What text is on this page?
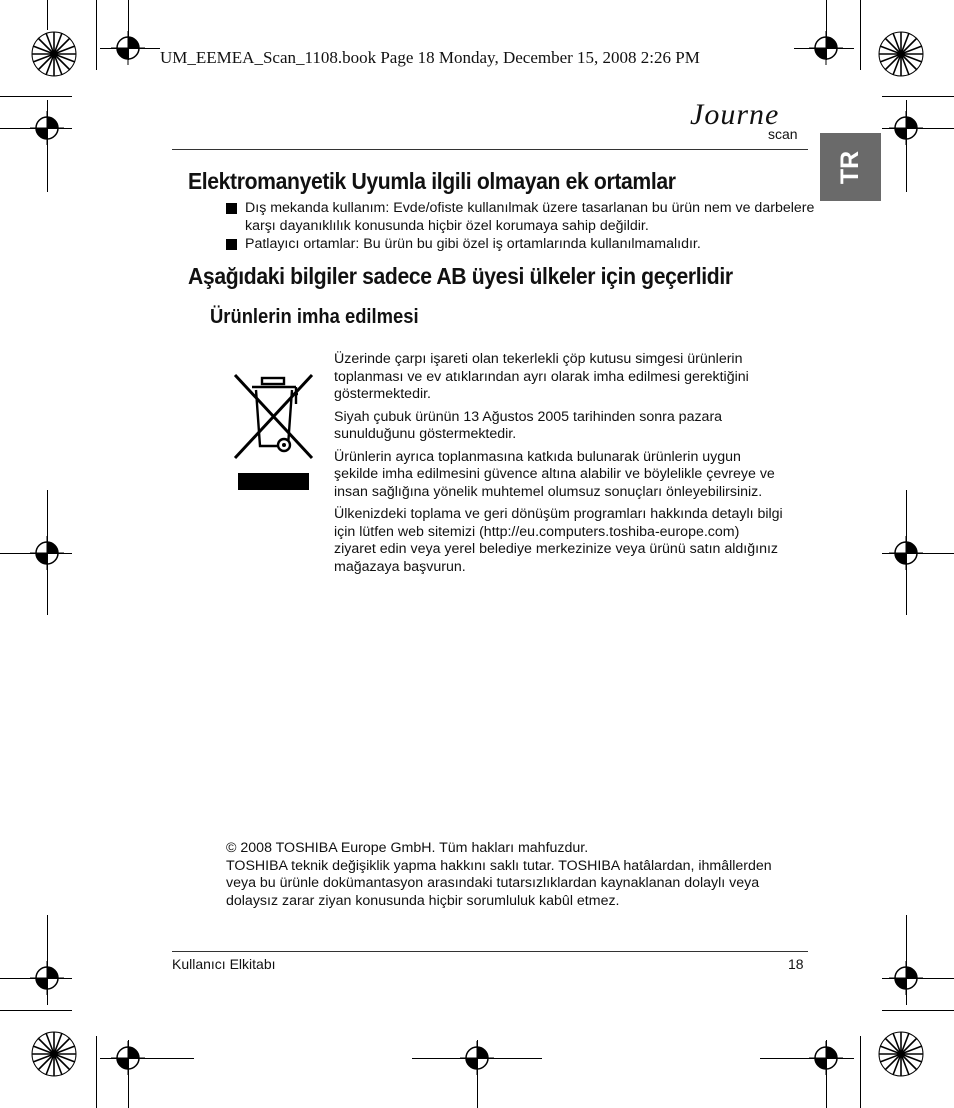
UM_EEMEA_Scan_1108.book Page 18 Monday, December 15, 2008 2:26 PM
Journe
scan
TR
Elektromanyetik Uyumla ilgili olmayan ek ortamlar
Dış mekanda kullanım: Evde/ofiste kullanılmak üzere tasarlanan bu ürün nem ve darbelere karşı dayanıklılık konusunda hiçbir özel korumaya sahip değildir.
Patlayıcı ortamlar: Bu ürün bu gibi özel iş ortamlarında kullanılmamalıdır.
Aşağıdaki bilgiler sadece AB üyesi ülkeler için geçerlidir
Ürünlerin imha edilmesi

Üzerinde çarpı işareti olan tekerlekli çöp kutusu simgesi ürünlerin toplanması ve ev atıklarından ayrı olarak imha edilmesi gerektiğini göstermektedir.

Siyah çubuk ürünün 13 Ağustos 2005 tarihinden sonra pazara sunulduğunu göstermektedir.

Ürünlerin ayrıca toplanmasına katkıda bulunarak ürünlerin uygun şekilde imha edilmesini güvence altına alabilir ve böylelikle çevreye ve insan sağlığına yönelik muhtemel olumsuz sonuçları önleyebilirsiniz.

Ülkenizdeki toplama ve geri dönüşüm programları hakkında detaylı bilgi için lütfen web sitemizi (http://eu.computers.toshiba-europe.com) ziyaret edin veya yerel belediye merkezinize veya ürünü satın aldığınız mağazaya başvurun.

© 2008 TOSHIBA Europe GmbH. Tüm hakları mahfuzdur.

TOSHIBA teknik değişiklik yapma hakkını saklı tutar. TOSHIBA hatâlardan, ihmâllerden veya bu ürünle dokümantasyon arasındaki tutarsızlıklardan kaynaklanan dolaylı veya dolaysız zarar ziyan konusunda hiçbir sorumluluk kabûl etmez.

Kullanıcı Elkitabı	18
